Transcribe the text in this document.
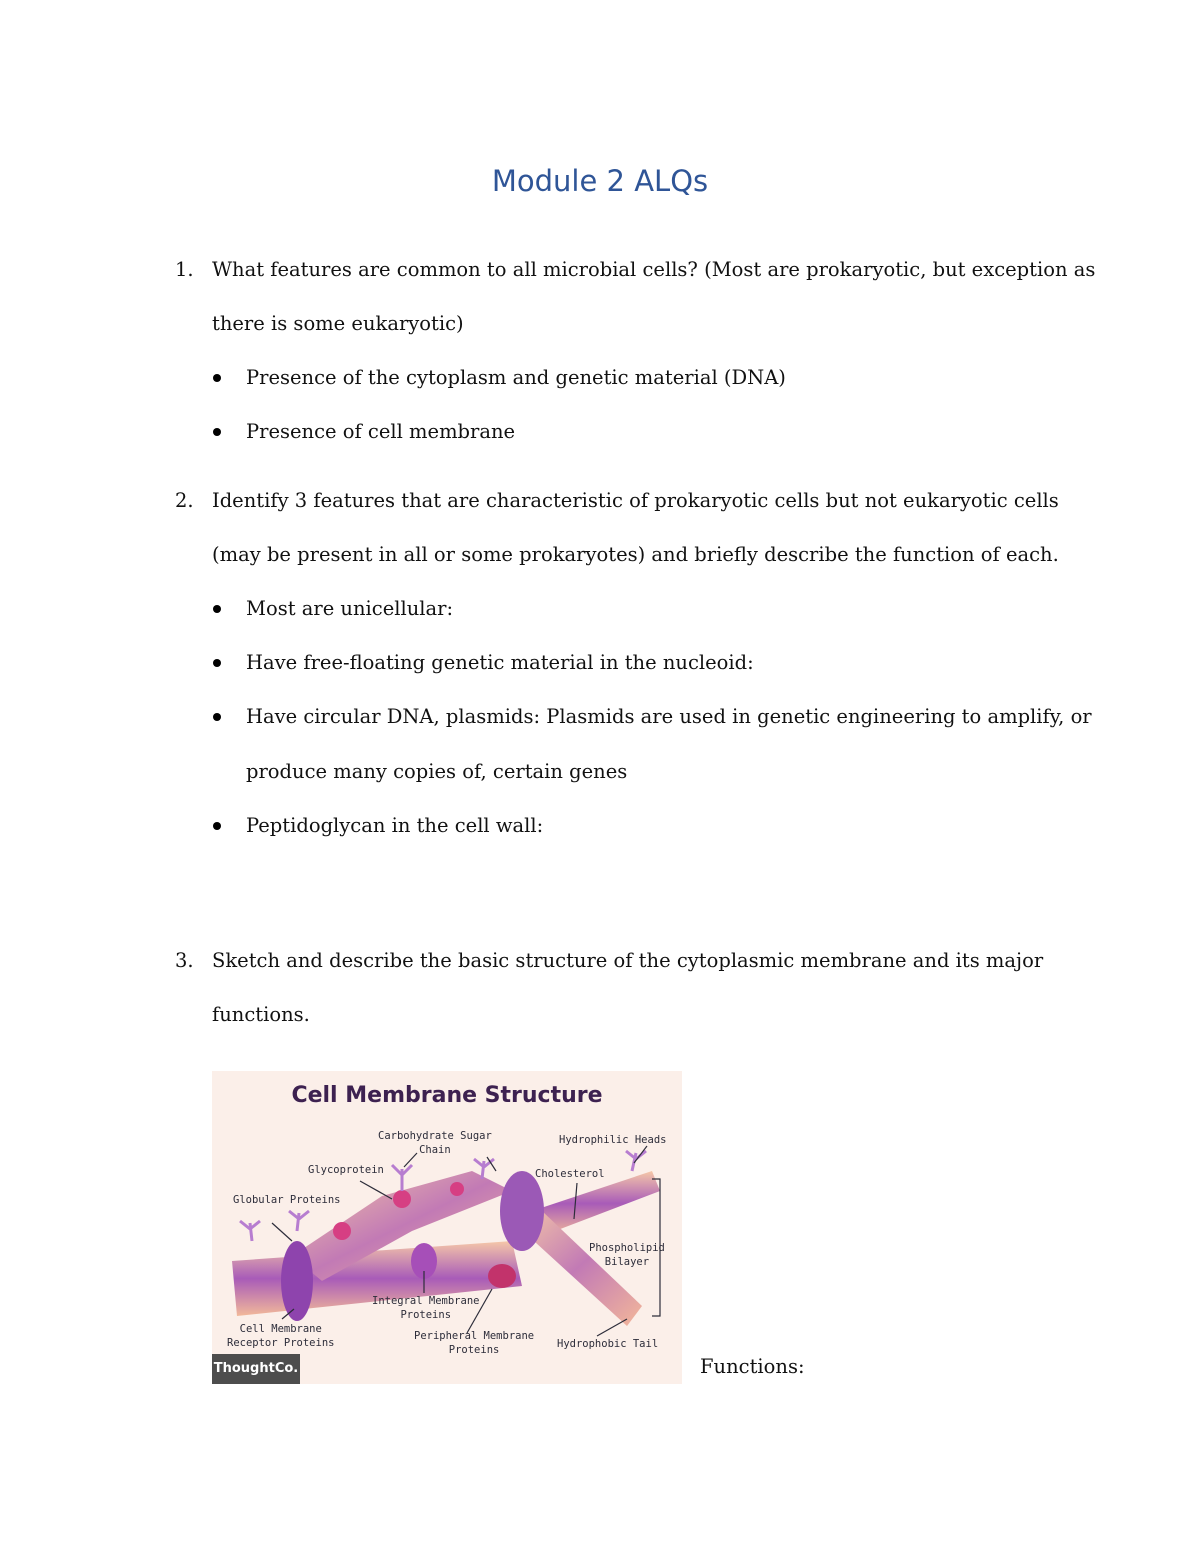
Module 2 ALQs
1. What features are common to all microbial cells? (Most are prokaryotic, but exception as
there is some eukaryotic)
Presence of the cytoplasm and genetic material (DNA)
Presence of cell membrane
2. Identify 3 features that are characteristic of prokaryotic cells but not eukaryotic cells
(may be present in all or some prokaryotes) and briefly describe the function of each.
Most are unicellular:
Have free-floating genetic material in the nucleoid:
Have circular DNA, plasmids: Plasmids are used in genetic engineering to amplify, or
produce many copies of, certain genes
Peptidoglycan in the cell wall:
3. Sketch and describe the basic structure of the cytoplasmic membrane and its major
functions.
Cell Membrane Structure
Carbohydrate Sugar
Chain
Hydrophilic Heads
Glycoprotein	Cholesterol
Globular Proteins
Phospholipid
Bilayer
Integral Membrane
Proteins
Cell Membrane
Receptor Proteins
Peripheral Membrane
Proteins	Hydrophobic Tail
ThoughtCo.	Functions:
